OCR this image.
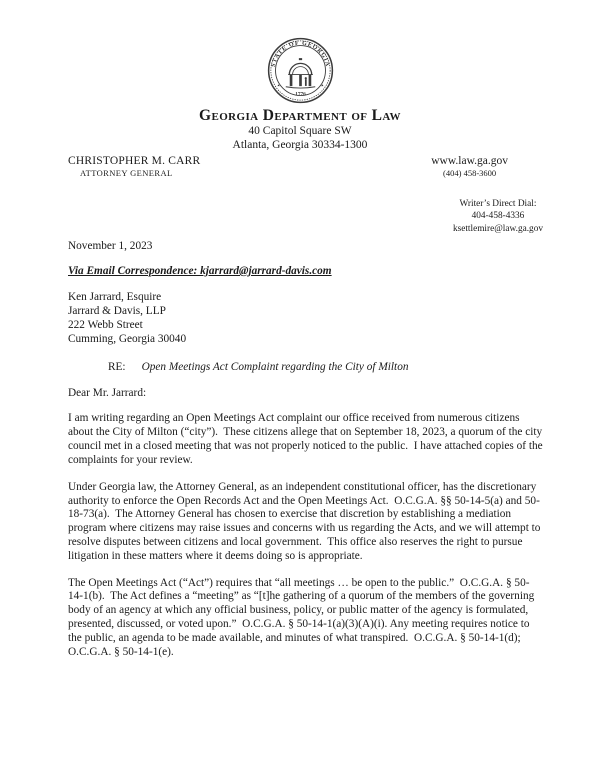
STATE OF GEORGIA
★	★
1776
Georgia Department of Law
40 Capitol Square SW
Atlanta, Georgia 30334-1300
CHRISTOPHER M. CARR
ATTORNEY GENERAL
www.law.ga.gov
(404) 458-3600
Writer’s Direct Dial:
404-458-4336
ksettlemire@law.ga.gov
November 1, 2023
Via Email Correspondence: kjarrard@jarrard-davis.com
Ken Jarrard, Esquire
Jarrard & Davis, LLP
222 Webb Street
Cumming, Georgia 30040
RE: Open Meetings Act Complaint regarding the City of Milton
Dear Mr. Jarrard:

I am writing regarding an Open Meetings Act complaint our office received from numerous citizens about the City of Milton (“city”).  These citizens allege that on September 18, 2023, a quorum of the city council met in a closed meeting that was not properly noticed to the public.  I have attached copies of the complaints for your review.

Under Georgia law, the Attorney General, as an independent constitutional officer, has the discretionary authority to enforce the Open Records Act and the Open Meetings Act.  O.C.G.A. §§ 50-14-5(a) and 50-18-73(a).  The Attorney General has chosen to exercise that discretion by establishing a mediation program where citizens may raise issues and concerns with us regarding the Acts, and we will attempt to resolve disputes between citizens and local government.  This office also reserves the right to pursue litigation in these matters where it deems doing so is appropriate.

The Open Meetings Act (“Act”) requires that “all meetings … be open to the public.”  O.C.G.A. § 50-14-1(b).  The Act defines a “meeting” as “[t]he gathering of a quorum of the members of the governing body of an agency at which any official business, policy, or public matter of the agency is formulated, presented, discussed, or voted upon.”  O.C.G.A. § 50-14-1(a)(3)(A)(i). Any meeting requires notice to the public, an agenda to be made available, and minutes of what transpired.  O.C.G.A. § 50-14-1(d); O.C.G.A. § 50-14-1(e).
